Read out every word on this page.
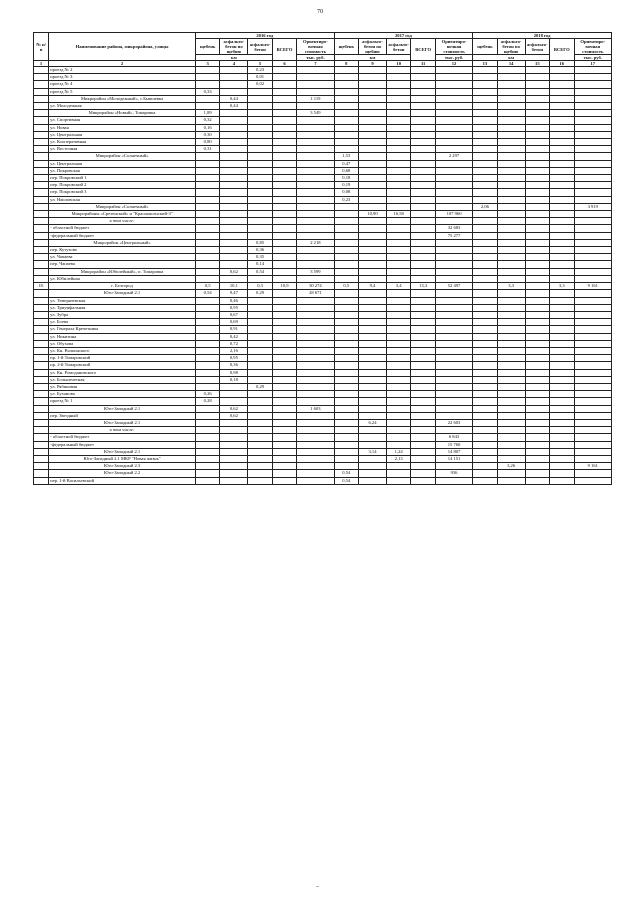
70
№ п/п	Наименование района, микрорайона, улицы	2016 год					2017 год					2018 год				
		щебень	асфальто-бетон по щебню	асфальто-бетон	ВСЕГО	Ориентиро-вочная стоимость	щебень	асфальто-бетон по щебню	асфальто-бетон	ВСЕГО	Ориентиро-вочная стоимость	щебень	асфальто-бетон по щебню	асфальто-бетон	ВСЕГО	Ориентиро-вочная стоимость
		км				тыс. руб.	км				тыс. руб.	км				тыс. руб.
1	2	3	4	5	6	7	8	9	10	11	12	13	14	15	16	17
	проезд № 2			0,23												
	проезд № 3			0,01												
	проезд № 4			0,02												
	проезд № 5	0,33														
	Микрорайон «Молодежный», с.Бывшевка		0,44			1 119										
	ул. Молодежная		0,44													
	Микрорайон «Новый», Томаровка	1,89				3 549										
	ул. Спортивная	0,32														
	ул. Новая	0,16														
	ул. Центральная	0,30														
	ул. Кооперативная	0,80														
	ул. Восточная	0,31														
	Микрорайон «Солнечный»						1,53				2 297					
	ул. Центральная						0,47									
	ул. Покровская						0,68									
	пер. Покровский 1						0,18									
	пер. Покровский 2						0,19									
	пер. Покровский 3						0,08									
	ул. Наиловская						0,23									
	Микрорайон «Солнечный»											2,06				3 919
	Микрорайоны «Сретенский» и "Красноясенский-3"							10,90	16,58		107 960					
	в том числе:															
	- областной бюджет										32 683					
	-федеральный бюджет										75 277					
	Микрорайон «Центральный»			0,85		2 218										
	пер. Кутузова			0,36												
	ул. Чапаева			0,35												
	пер. Чапаева			0,14												
	Микрорайон «Юбилейный», п. Томаровка		0,62	0,54		3 599										
	ул. Юбилейная															
18.	г. Белгород	0,5	10,1	0,3	10,9	30 274	0,5	9,4	3,4	13,3	52 497		3,3		3,3	9 161
	Юго-Западный 2.1	0,54	9,47	0,29		28 671										
	ул. Темерязевская		0,46													
	ул. Триумфальная		0,95													
	ул. Зубра		0,67													
	ул. Боева		0,69													
	ул. Генерала Кречетника		0,91													
	ул. Никитина		0,42													
	ул. Обухова		0,72													
	ул. Кн. Волконского		2,16													
	пр. 1-й Томаровский		0,95													
	пр. 2-й Томаровский		0,36													
	ул. Кн. Ромодановского		0,98													
	ул. Большечетная		0,18													
	ул. Рябиновая			0,29												
	ул. Буханова	0,26														
	проезд № 1	0,28														
	Юго-Западный 2.1		0,62			1 603										
	пер. Звездный		0,62													
	Юго-Западный 2.1							6,24			22 603					
	в том числе:															
	- областной бюджет										6 843					
	-федеральный бюджет										15 760					
	Юго-Западный 2.1							3,14	1,24		14 807					
	Юго-Западный 2.1 МКР "Новая жизнь"								2,13		14 151					
	Юго-Западный 2.3												3,26			9 161
	Юго-Западный 2.2						0,54				936					
	пер. 1-й Васильевский						0,54									
–
